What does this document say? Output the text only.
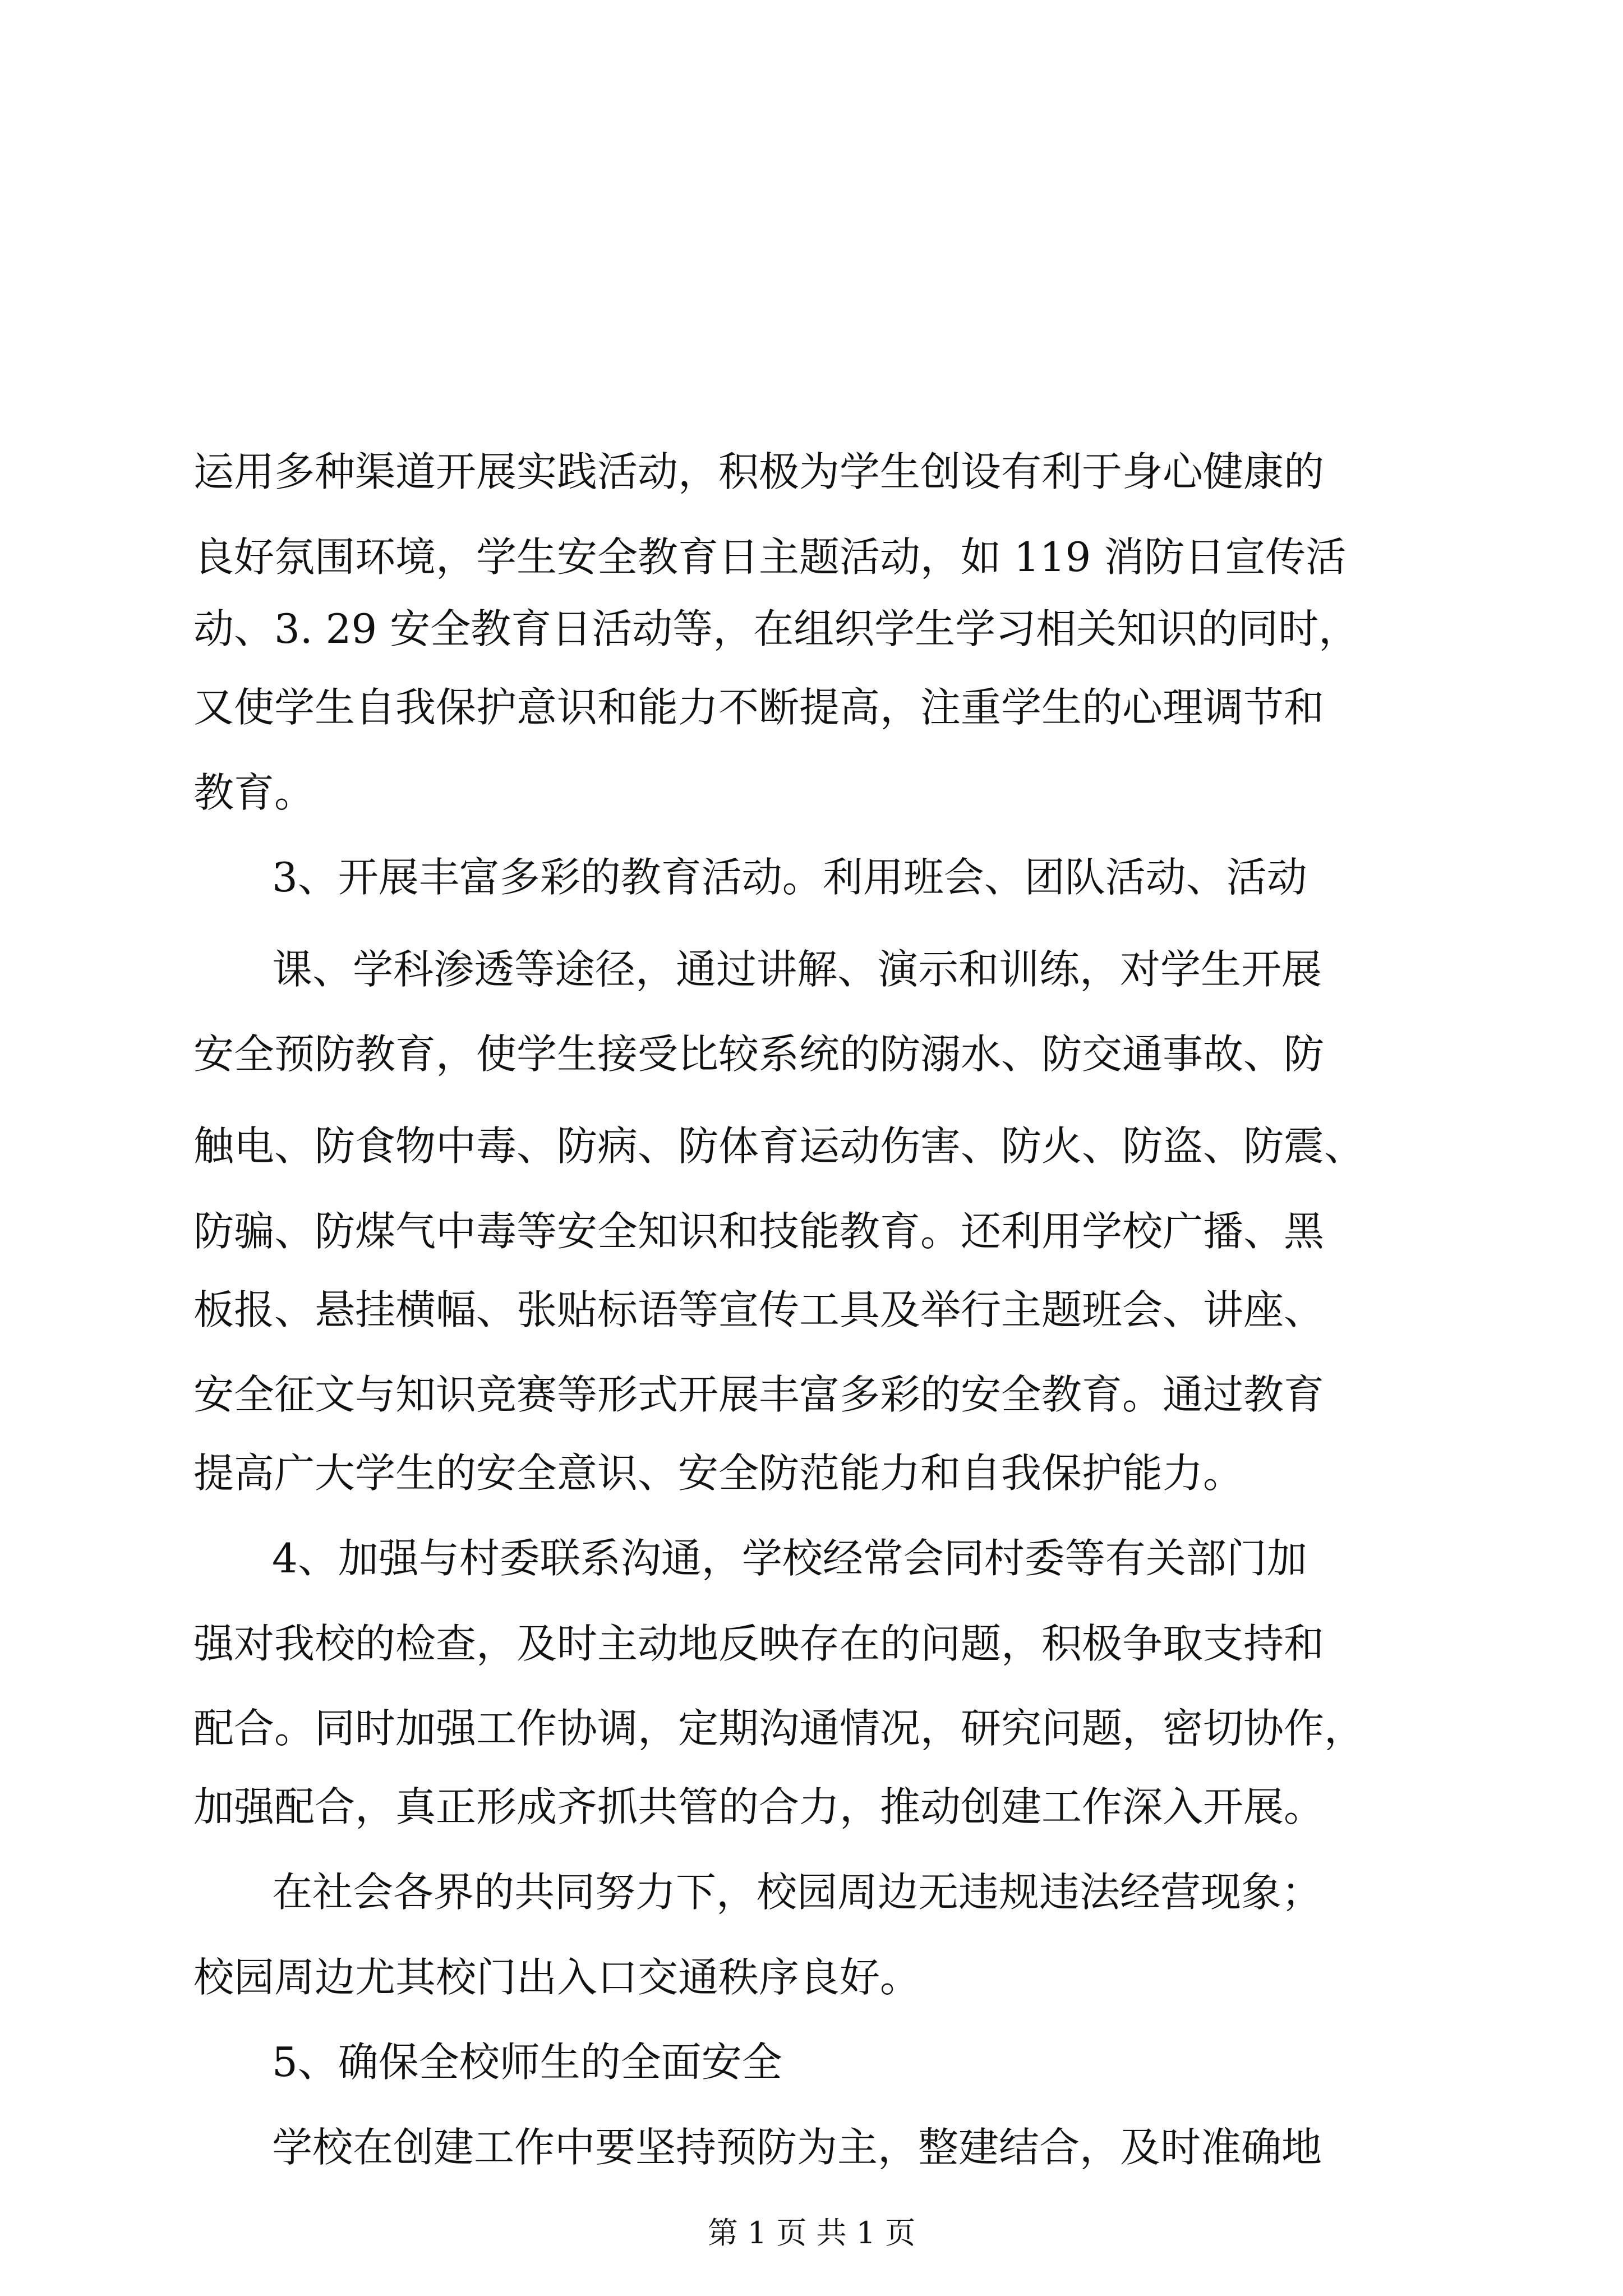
运用多种渠道开展实践活动，积极为学生创设有利于身心健康的
良好氛围环境，学生安全教育日主题活动，如 119 消防日宣传活
动、3. 29 安全教育日活动等，在组织学生学习相关知识的同时，
又使学生自我保护意识和能力不断提高，注重学生的心理调节和
教育。
3、开展丰富多彩的教育活动。利用班会、团队活动、活动
课、学科渗透等途径，通过讲解、演示和训练，对学生开展
安全预防教育，使学生接受比较系统的防溺水、防交通事故、防
触电、防食物中毒、防病、防体育运动伤害、防火、防盗、防震、
防骗、防煤气中毒等安全知识和技能教育。还利用学校广播、黑
板报、悬挂横幅、张贴标语等宣传工具及举行主题班会、讲座、
安全征文与知识竞赛等形式开展丰富多彩的安全教育。通过教育
提高广大学生的安全意识、安全防范能力和自我保护能力。
4、加强与村委联系沟通，学校经常会同村委等有关部门加
强对我校的检查，及时主动地反映存在的问题，积极争取支持和
配合。同时加强工作协调，定期沟通情况，研究问题，密切协作，
加强配合，真正形成齐抓共管的合力，推动创建工作深入开展。
在社会各界的共同努力下，校园周边无违规违法经营现象；
校园周边尤其校门出入口交通秩序良好。
5、确保全校师生的全面安全
学校在创建工作中要坚持预防为主，整建结合，及时准确地
第 1 页 共 1 页
